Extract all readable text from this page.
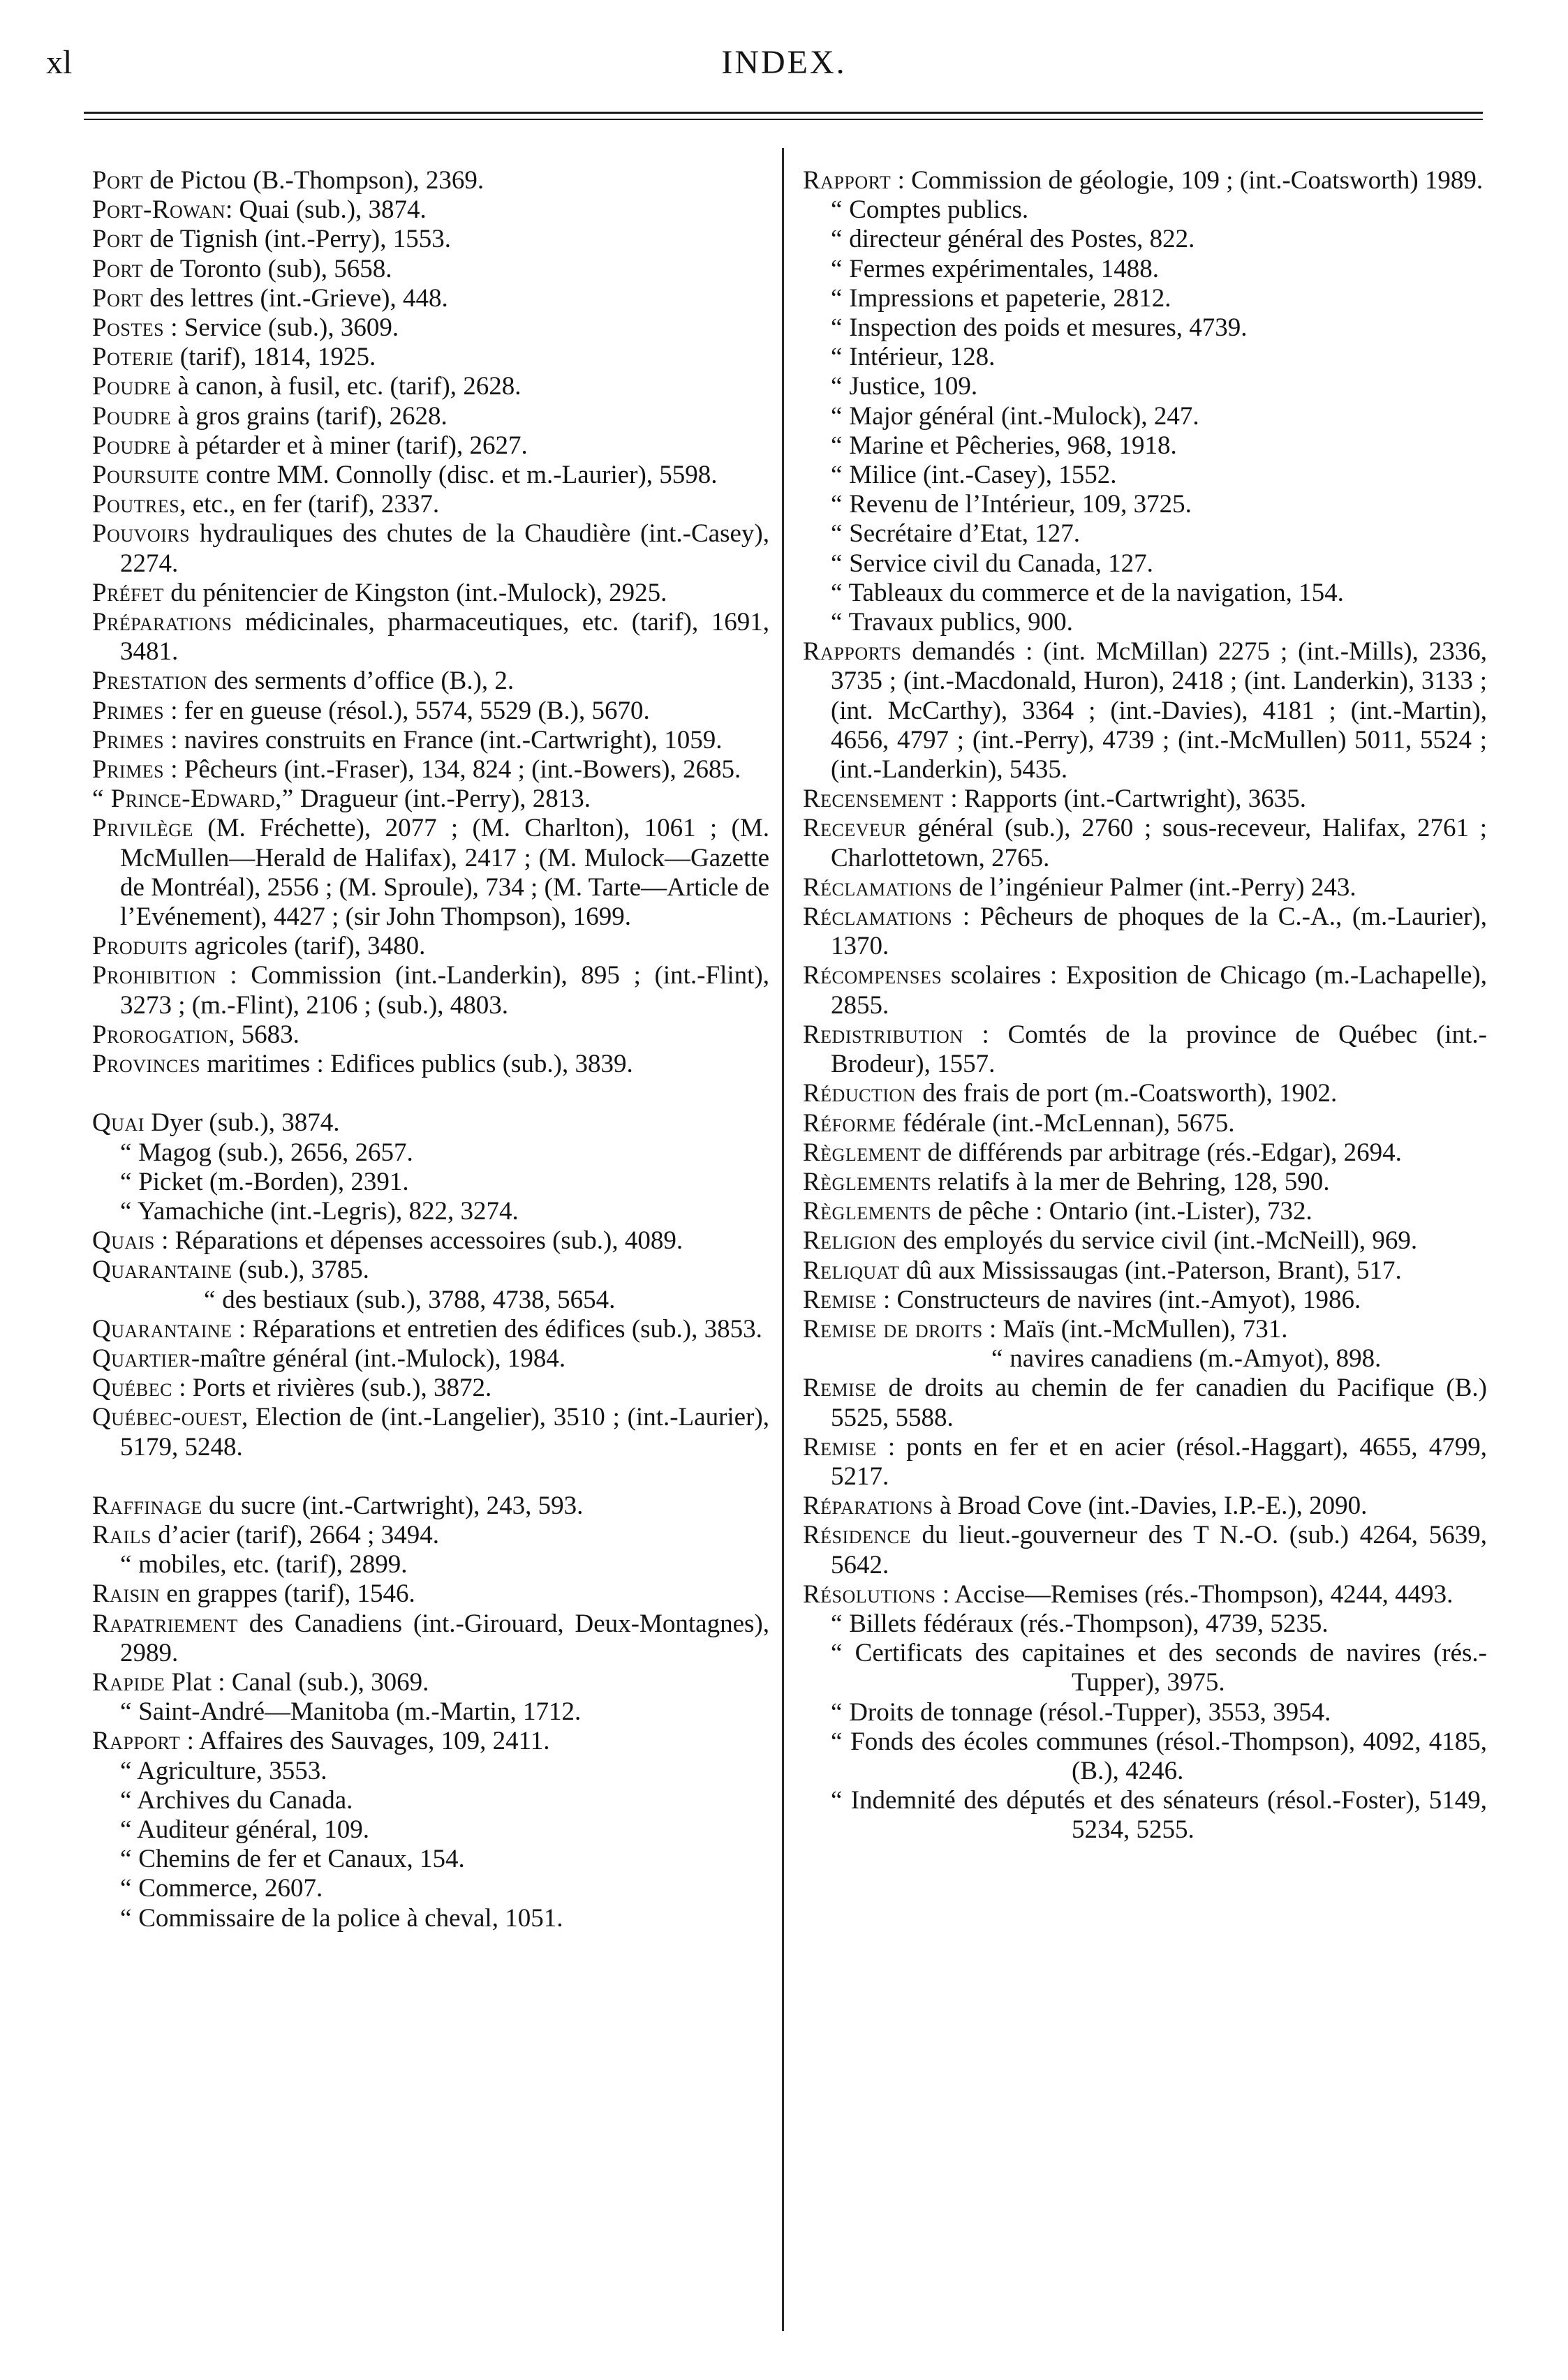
xl	INDEX.
Port de Pictou (B.-Thompson), 2369.
Port-Rowan: Quai (sub.), 3874.
Port de Tignish (int.-Perry), 1553.
Port de Toronto (sub), 5658.
Port des lettres (int.-Grieve), 448.
Postes : Service (sub.), 3609.
Poterie (tarif), 1814, 1925.
Poudre à canon, à fusil, etc. (tarif), 2628.
Poudre à gros grains (tarif), 2628.
Poudre à pétarder et à miner (tarif), 2627.
Poursuite contre MM. Connolly (disc. et m.-Laurier), 5598.
Poutres, etc., en fer (tarif), 2337.
Pouvoirs hydrauliques des chutes de la Chaudière (int.-Casey), 2274.
Préfet du pénitencier de Kingston (int.-Mulock), 2925.
Préparations médicinales, pharmaceutiques, etc. (tarif), 1691, 3481.
Prestation des serments d’office (B.), 2.
Primes : fer en gueuse (résol.), 5574, 5529 (B.), 5670.
Primes : navires construits en France (int.-Cartwright), 1059.
Primes : Pêcheurs (int.-Fraser), 134, 824 ; (int.-Bowers), 2685.
“ Prince-Edward,” Dragueur (int.-Perry), 2813.
Privilège (M. Fréchette), 2077 ; (M. Charlton), 1061 ; (M. McMullen—Herald de Halifax), 2417 ; (M. Mulock—Gazette de Montréal), 2556 ; (M. Sproule), 734 ; (M. Tarte—Article de l’Evénement), 4427 ; (sir John Thompson), 1699.
Produits agricoles (tarif), 3480.
Prohibition : Commission (int.-Landerkin), 895 ; (int.-Flint), 3273 ; (m.-Flint), 2106 ; (sub.), 4803.
Prorogation, 5683.
Provinces maritimes : Edifices publics (sub.), 3839.
Quai Dyer (sub.), 3874.
“ Magog (sub.), 2656, 2657.
“ Picket (m.-Borden), 2391.
“ Yamachiche (int.-Legris), 822, 3274.
Quais : Réparations et dépenses accessoires (sub.), 4089.
Quarantaine (sub.), 3785.
“ des bestiaux (sub.), 3788, 4738, 5654.
Quarantaine : Réparations et entretien des édifices (sub.), 3853.
Quartier-maître général (int.-Mulock), 1984.
Québec : Ports et rivières (sub.), 3872.
Québec-ouest, Election de (int.-Langelier), 3510 ; (int.-Laurier), 5179, 5248.
Raffinage du sucre (int.-Cartwright), 243, 593.
Rails d’acier (tarif), 2664 ; 3494.
“ mobiles, etc. (tarif), 2899.
Raisin en grappes (tarif), 1546.
Rapatriement des Canadiens (int.-Girouard, Deux-Montagnes), 2989.
Rapide Plat : Canal (sub.), 3069.
“ Saint-André—Manitoba (m.-Martin, 1712.
Rapport : Affaires des Sauvages, 109, 2411.
“ Agriculture, 3553.
“ Archives du Canada.
“ Auditeur général, 109.
“ Chemins de fer et Canaux, 154.
“ Commerce, 2607.
“ Commissaire de la police à cheval, 1051.
Rapport : Commission de géologie, 109 ; (int.-Coatsworth) 1989.
“ Comptes publics.
“ directeur général des Postes, 822.
“ Fermes expérimentales, 1488.
“ Impressions et papeterie, 2812.
“ Inspection des poids et mesures, 4739.
“ Intérieur, 128.
“ Justice, 109.
“ Major général (int.-Mulock), 247.
“ Marine et Pêcheries, 968, 1918.
“ Milice (int.-Casey), 1552.
“ Revenu de l’Intérieur, 109, 3725.
“ Secrétaire d’Etat, 127.
“ Service civil du Canada, 127.
“ Tableaux du commerce et de la navigation, 154.
“ Travaux publics, 900.
Rapports demandés : (int. McMillan) 2275 ; (int.-Mills), 2336, 3735 ; (int.-Macdonald, Huron), 2418 ; (int. Landerkin), 3133 ; (int. McCarthy), 3364 ; (int.-Davies), 4181 ; (int.-Martin), 4656, 4797 ; (int.-Perry), 4739 ; (int.-McMullen) 5011, 5524 ; (int.-Landerkin), 5435.
Recensement : Rapports (int.-Cartwright), 3635.
Receveur général (sub.), 2760 ; sous-receveur, Halifax, 2761 ; Charlottetown, 2765.
Réclamations de l’ingénieur Palmer (int.-Perry) 243.
Réclamations : Pêcheurs de phoques de la C.-A., (m.-Laurier), 1370.
Récompenses scolaires : Exposition de Chicago (m.-Lachapelle), 2855.
Redistribution : Comtés de la province de Québec (int.-Brodeur), 1557.
Réduction des frais de port (m.-Coatsworth), 1902.
Réforme fédérale (int.-McLennan), 5675.
Règlement de différends par arbitrage (rés.-Edgar), 2694.
Règlements relatifs à la mer de Behring, 128, 590.
Règlements de pêche : Ontario (int.-Lister), 732.
Religion des employés du service civil (int.-McNeill), 969.
Reliquat dû aux Mississaugas (int.-Paterson, Brant), 517.
Remise : Constructeurs de navires (int.-Amyot), 1986.
Remise de droits : Maïs (int.-McMullen), 731.
“ navires canadiens (m.-Amyot), 898.
Remise de droits au chemin de fer canadien du Pacifique (B.) 5525, 5588.
Remise : ponts en fer et en acier (résol.-Haggart), 4655, 4799, 5217.
Réparations à Broad Cove (int.-Davies, I.P.-E.), 2090.
Résidence du lieut.-gouverneur des T N.-O. (sub.) 4264, 5639, 5642.
Résolutions : Accise—Remises (rés.-Thompson), 4244, 4493.
“ Billets fédéraux (rés.-Thompson), 4739, 5235.
“ Certificats des capitaines et des seconds de navires (rés.-Tupper), 3975.
“ Droits de tonnage (résol.-Tupper), 3553, 3954.
“ Fonds des écoles communes (résol.-Thompson), 4092, 4185, (B.), 4246.
“ Indemnité des députés et des sénateurs (résol.-Foster), 5149, 5234, 5255.
